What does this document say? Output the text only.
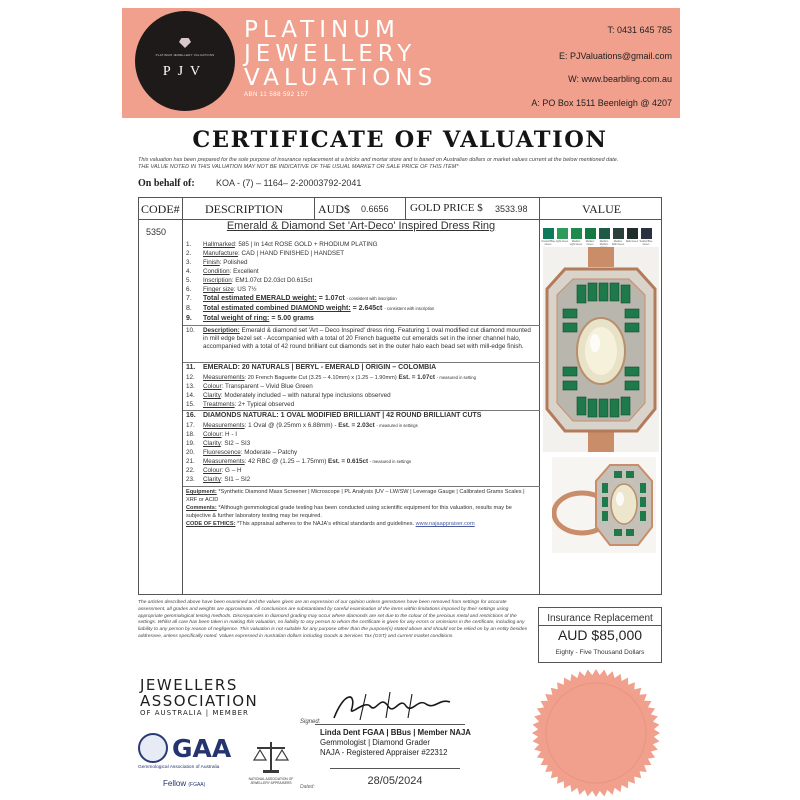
PLATINUM JEWELLERY VALUATIONS
PJV
PLATINUM
JEWELLERY
VALUATIONS
ABN 11 588 592 157
T: 0431 645 785
E: PJValuations@gmail.com
W: www.bearbling.com.au
A: PO Box 1511 Beenleigh @ 4207
CERTIFICATE OF VALUATION
This valuation has been prepared for the sole purpose of insurance replacement at a bricks and mortar store and is based on Australian dollars or market values current at the below mentioned date.
THE VALUE NOTED IN THIS VALUATION MAY NOT BE INDICATIVE OF THE USUAL MARKET OR SALE PRICE OF THIS ITEM*
On behalf of: KOA - (7) – 1164– 2-20003792-2041
CODE# DESCRIPTION	AUD$ 0.6656 GOLD PRICE $ 3533.98	VALUE
5350	Emerald & Diamond Set 'Art-Deco' Inspired Dress Ring
1. Hallmarked: 585 | In 14ct ROSE GOLD + RHODIUM PLATING
2. Manufacture: CAD | HAND FINISHED | HANDSET
3. Finish: Polished
4. Condition: Excellent
5. Inscription: EM1.07ct D2.03ct D0.615ct
6. Finger size: US 7½
7. Total estimated EMERALD weight: = 1.07ct - consistent with inscription
8. Total estimated combined DIAMOND weight: = 2.645ct - consistent with inscription
9. Total weight of ring: = 5.00 grams
10.	Description: Emerald & diamond set 'Art – Deco Inspired' dress ring. Featuring 1 oval modified cut diamond mounted in mill edge bezel set - Accompanied with a total of 20 French baguette cut emeralds set in the inner channel halo, accompanied with a total of 42 round brilliant cut diamonds set in the outer halo each bead set with mill-edge finish.
11. EMERALD: 20 NATURALS | BERYL - EMERALD | ORIGIN – COLOMBIA
12. Measurements: 20 French Baguette Cut (3.25 – 4.10mm) x (1.25 – 1.90mm) Est. = 1.07ct - measured in setting
13. Colour: Transparent – Vivid Blue Green
14. Clarity: Moderately included – with natural type inclusions observed
15. Treatments: 2+ Typical observed
16. DIAMONDS NATURAL: 1 OVAL MODIFIED BRILLIANT | 42 ROUND BRILLIANT CUTS
17. Measurements: 1 Oval @ (9.25mm x 6.88mm) - Est. = 2.03ct - measured in settings
18. Colour: H - I
19. Clarity: SI2 – SI3
20. Fluorescence: Moderate – Patchy
21. Measurements: 42 RBC @ (1.25 – 1.75mm) Est. = 0.615ct - measured in settings
22. Colour: G – H
23. Clarity: SI1 – SI2
Equipment: *Synthetic Diamond Mass Screener | Microscope | PL Analysis |UV – LW/SW | Leverage Gauge | Calibrated Grams Scales | XRF or ACID
Comments: *Although gemmological grade testing has been conducted using scientific equipment for this valuation, results may be subjective & further laboratory testing may be required.
CODE OF ETHICS: *This appraisal adheres to the NAJA's ethical standards and guidelines. www.najaappraiser.com
Yourself Blue Green
Light Green	Medium Light Green
Medium Green
Medium Medium
Medium Dark Green
Dark Green Scarlet Blue Green
The articles described above have been examined and the values given are an expression of our opinion unless gemstones have been removed from settings for accurate assessment, all grades and weights are approximate. All conclusions are substantiated by careful examination of the items within limitations imposed by their settings using appropriate gemmological testing methods. Discrepancies in diamond grading may occur where diamonds are set due to the colour of the precious metal and restrictions of the settings. Whilst all care has been taken in making this valuation, no liability to any person to whom the certificate is given for any errors or omissions in the certificate, including any liability to any person by reason of negligence. This valuation is not suitable for any purpose other than the purpose(s) stated above and should not be relied on by an entity besides addressee, unless specifically noted. Values expressed in Australian dollars including Goods & Services Tax (GST) and current market conditions.
Insurance Replacement
AUD $85,000
Eighty - Five Thousand Dollars
JEWELLERS
ASSOCIATION
OF AUSTRALIA | MEMBER
GAA
Gemmological Association of Australia
Fellow (FGAA)
NATIONAL ASSOCIATION OF JEWELLERY APPRAISERS
Signed:
Linda Dent FGAA | BBus | Member NAJA
Gemmologist | Diamond Grader
NAJA - Registered Appraiser #22312
28/05/2024
Dated:
